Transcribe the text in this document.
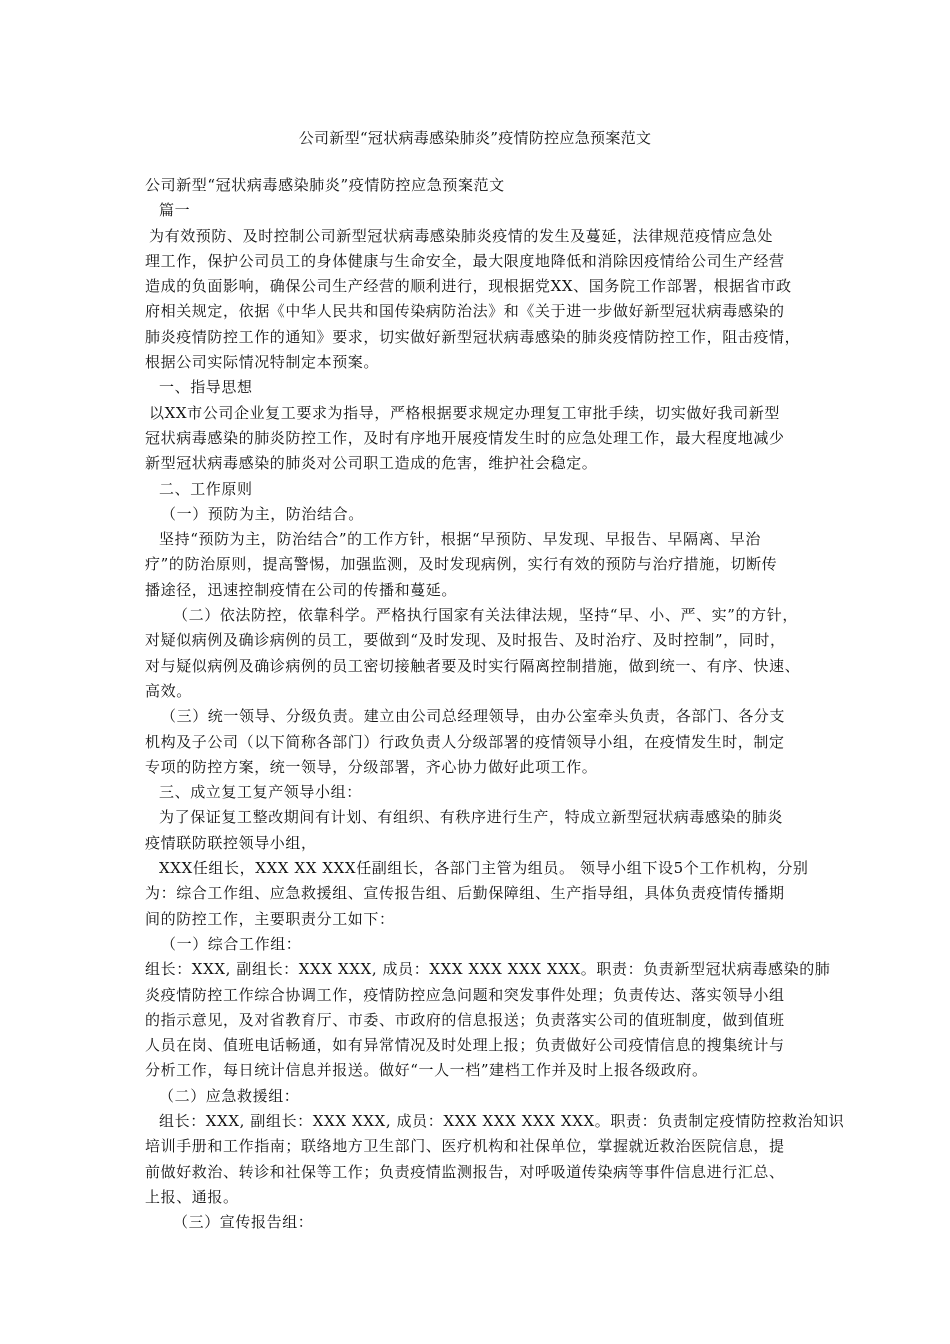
公司新型“冠状病毒感染肺炎”疫情防控应急预案范文
公司新型“冠状病毒感染肺炎”疫情防控应急预案范文
篇一
为有效预防、及时控制公司新型冠状病毒感染肺炎疫情的发生及蔓延，法律规范疫情应急处
理工作，保护公司员工的身体健康与生命安全，最大限度地降低和消除因疫情给公司生产经营
造成的负面影响，确保公司生产经营的顺利进行，现根据党XX、国务院工作部署，根据省市政
府相关规定，依据《中华人民共和国传染病防治法》和《关于进一步做好新型冠状病毒感染的
肺炎疫情防控工作的通知》要求，切实做好新型冠状病毒感染的肺炎疫情防控工作，阻击疫情，
根据公司实际情况特制定本预案。
一、指导思想
以XX市公司企业复工要求为指导，严格根据要求规定办理复工审批手续，切实做好我司新型
冠状病毒感染的肺炎防控工作，及时有序地开展疫情发生时的应急处理工作，最大程度地减少
新型冠状病毒感染的肺炎对公司职工造成的危害，维护社会稳定。
二、工作原则
（一）预防为主，防治结合。
坚持“预防为主，防治结合”的工作方针，根据“早预防、早发现、早报告、早隔离、早治
疗”的防治原则，提高警惕，加强监测，及时发现病例，实行有效的预防与治疗措施，切断传
播途径，迅速控制疫情在公司的传播和蔓延。
（二）依法防控，依靠科学。严格执行国家有关法律法规，坚持“早、小、严、实”的方针，
对疑似病例及确诊病例的员工，要做到“及时发现、及时报告、及时治疗、及时控制”，同时，
对与疑似病例及确诊病例的员工密切接触者要及时实行隔离控制措施，做到统一、有序、快速、
高效。
（三）统一领导、分级负责。建立由公司总经理领导，由办公室牵头负责，各部门、各分支
机构及子公司（以下简称各部门）行政负责人分级部署的疫情领导小组，在疫情发生时，制定
专项的防控方案，统一领导，分级部署，齐心协力做好此项工作。
三、成立复工复产领导小组：
为了保证复工整改期间有计划、有组织、有秩序进行生产，特成立新型冠状病毒感染的肺炎
疫情联防联控领导小组，
XXX任组长，XXX XX XXX任副组长，各部门主管为组员。 领导小组下设5个工作机构，分别
为：综合工作组、应急救援组、宣传报告组、后勤保障组、生产指导组，具体负责疫情传播期
间的防控工作，主要职责分工如下：
（一）综合工作组：
组长：XXX, 副组长：XXX XXX, 成员：XXX XXX XXX XXX。职责：负责新型冠状病毒感染的肺
炎疫情防控工作综合协调工作，疫情防控应急问题和突发事件处理；负责传达、落实领导小组
的指示意见，及对省教育厅、市委、市政府的信息报送；负责落实公司的值班制度，做到值班
人员在岗、值班电话畅通，如有异常情况及时处理上报；负责做好公司疫情信息的搜集统计与
分析工作，每日统计信息并报送。做好“一人一档”建档工作并及时上报各级政府。
（二）应急救援组：
组长：XXX, 副组长：XXX XXX, 成员：XXX XXX XXX XXX。职责：负责制定疫情防控救治知识
培训手册和工作指南；联络地方卫生部门、医疗机构和社保单位，掌握就近救治医院信息，提
前做好救治、转诊和社保等工作；负责疫情监测报告，对呼吸道传染病等事件信息进行汇总、
上报、通报。
（三）宣传报告组：
